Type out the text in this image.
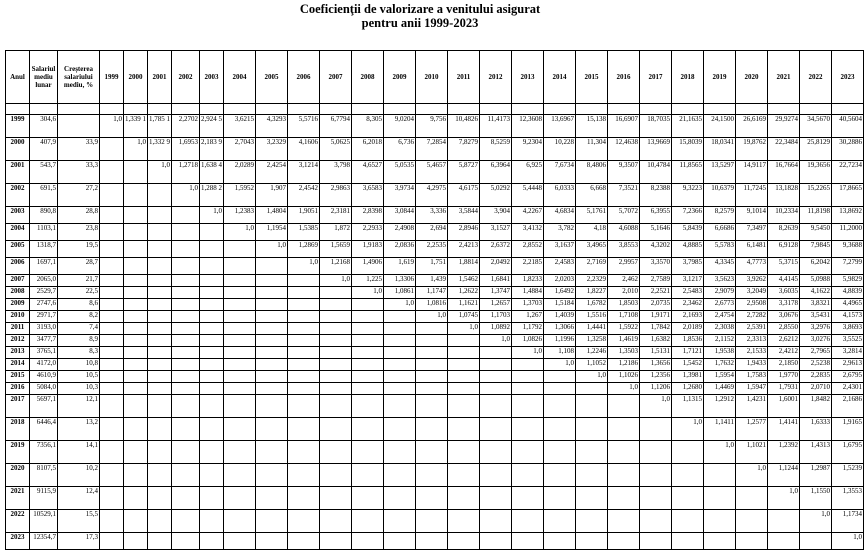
Coeficienţii de valorizare a venitului asigurat
pentru anii 1999-2023
Anul	Salariul mediu lunar	Creșterea salariului mediu, %	1999	2000	2001	2002	2003	2004	2005	2006	2007	2008	2009	2010	2011	2012	2013	2014	2015	2016	2017	2018	2019	2020	2021	2022	2023

1999	304,6		1,0	1,339 1	1,785 1	2,2702	2,924 5	3,6215	4,3293	5,5716	6,7794	8,305	9,0204	9,756	10,4826	11,4173	12,3608	13,6967	15,138	16,6907	18,7035	21,1635	24,1500	26,6169	29,9274	34,5670	40,5604
2000	407,9	33,9		1,0	1,332 9	1,6953	2,183 9	2,7043	3,2329	4,1606	5,0625	6,2018	6,736	7,2854	7,8279	8,5259	9,2304	10,228	11,304	12,4638	13,9669	15,8039	18,0341	19,8762	22,3484	25,8129	30,2886
2001	543,7	33,3			1,0	1,2718	1,638 4	2,0289	2,4254	3,1214	3,798	4,6527	5,0535	5,4657	5,8727	6,3964	6,925	7,6734	8,4806	9,3507	10,4784	11,8565	13,5297	14,9117	16,7664	19,3656	22,7234
2002	691,5	27,2				1,0	1,288 2	1,5952	1,907	2,4542	2,9863	3,6583	3,9734	4,2975	4,6175	5,0292	5,4448	6,0333	6,668	7,3521	8,2388	9,3223	10,6379	11,7245	13,1828	15,2265	17,8665
2003	890,8	28,8					1,0	1,2383	1,4804	1,9051	2,3181	2,8398	3,0844	3,336	3,5844	3,904	4,2267	4,6834	5,1761	5,7072	6,3955	7,2366	8,2579	9,1014	10,2334	11,8198	13,8692
2004	1103,1	23,8						1,0	1,1954	1,5385	1,872	2,2933	2,4908	2,694	2,8946	3,1527	3,4132	3,782	4,18	4,6088	5,1646	5,8439	6,6686	7,3497	8,2639	9,5450	11,2000
2005	1318,7	19,5							1,0	1,2869	1,5659	1,9183	2,0836	2,2535	2,4213	2,6372	2,8552	3,1637	3,4965	3,8553	4,3202	4,8885	5,5783	6,1481	6,9128	7,9845	9,3688
2006	1697,1	28,7								1,0	1,2168	1,4906	1,619	1,751	1,8814	2,0492	2,2185	2,4583	2,7169	2,9957	3,3570	3,7985	4,3345	4,7773	5,3715	6,2042	7,2799
2007	2065,0	21,7									1,0	1,225	1,3306	1,439	1,5462	1,6841	1,8233	2,0203	2,2329	2,462	2,7589	3,1217	3,5623	3,9262	4,4145	5,0988	5,9829
2008	2529,7	22,5										1,0	1,0861	1,1747	1,2622	1,3747	1,4884	1,6492	1,8227	2,010	2,2521	2,5483	2,9079	3,2049	3,6035	4,1622	4,8839
2009	2747,6	8,6											1,0	1,0816	1,1621	1,2657	1,3703	1,5184	1,6782	1,8503	2,0735	2,3462	2,6773	2,9508	3,3178	3,8321	4,4965
2010	2971,7	8,2												1,0	1,0745	1,1703	1,267	1,4039	1,5516	1,7108	1,9171	2,1693	2,4754	2,7282	3,0676	3,5431	4,1573
2011	3193,0	7,4													1,0	1,0892	1,1792	1,3066	1,4441	1,5922	1,7842	2,0189	2,3038	2,5391	2,8550	3,2976	3,8693
2012	3477,7	8,9														1,0	1,0826	1,1996	1,3258	1,4619	1,6382	1,8536	2,1152	2,3313	2,6212	3,0276	3,5525
2013	3765,1	8,3															1,0	1,108	1,2246	1,3503	1,5131	1,7121	1,9538	2,1533	2,4212	2,7965	3,2814
2014	4172,0	10,8																1,0	1,1052	1,2186	1,3656	1,5452	1,7632	1,9433	2,1850	2,5238	2,9613
2015	4610,9	10,5																	1,0	1,1026	1,2356	1,3981	1,5954	1,7583	1,9770	2,2835	2,6795
2016	5084,0	10,3																		1,0	1,1206	1,2680	1,4469	1,5947	1,7931	2,0710	2,4301
2017	5697,1	12,1																			1,0	1,1315	1,2912	1,4231	1,6001	1,8482	2,1686
2018	6446,4	13,2																				1,0	1,1411	1,2577	1,4141	1,6333	1,9165
2019	7356,1	14,1																					1,0	1,1021	1,2392	1,4313	1,6795
2020	8107,5	10,2																						1,0	1,1244	1,2987	1,5239
2021	9115,9	12,4																							1,0	1,1550	1,3553
2022	10529,1	15,5																								1,0	1,1734
2023	12354,7	17,3																									1,0
